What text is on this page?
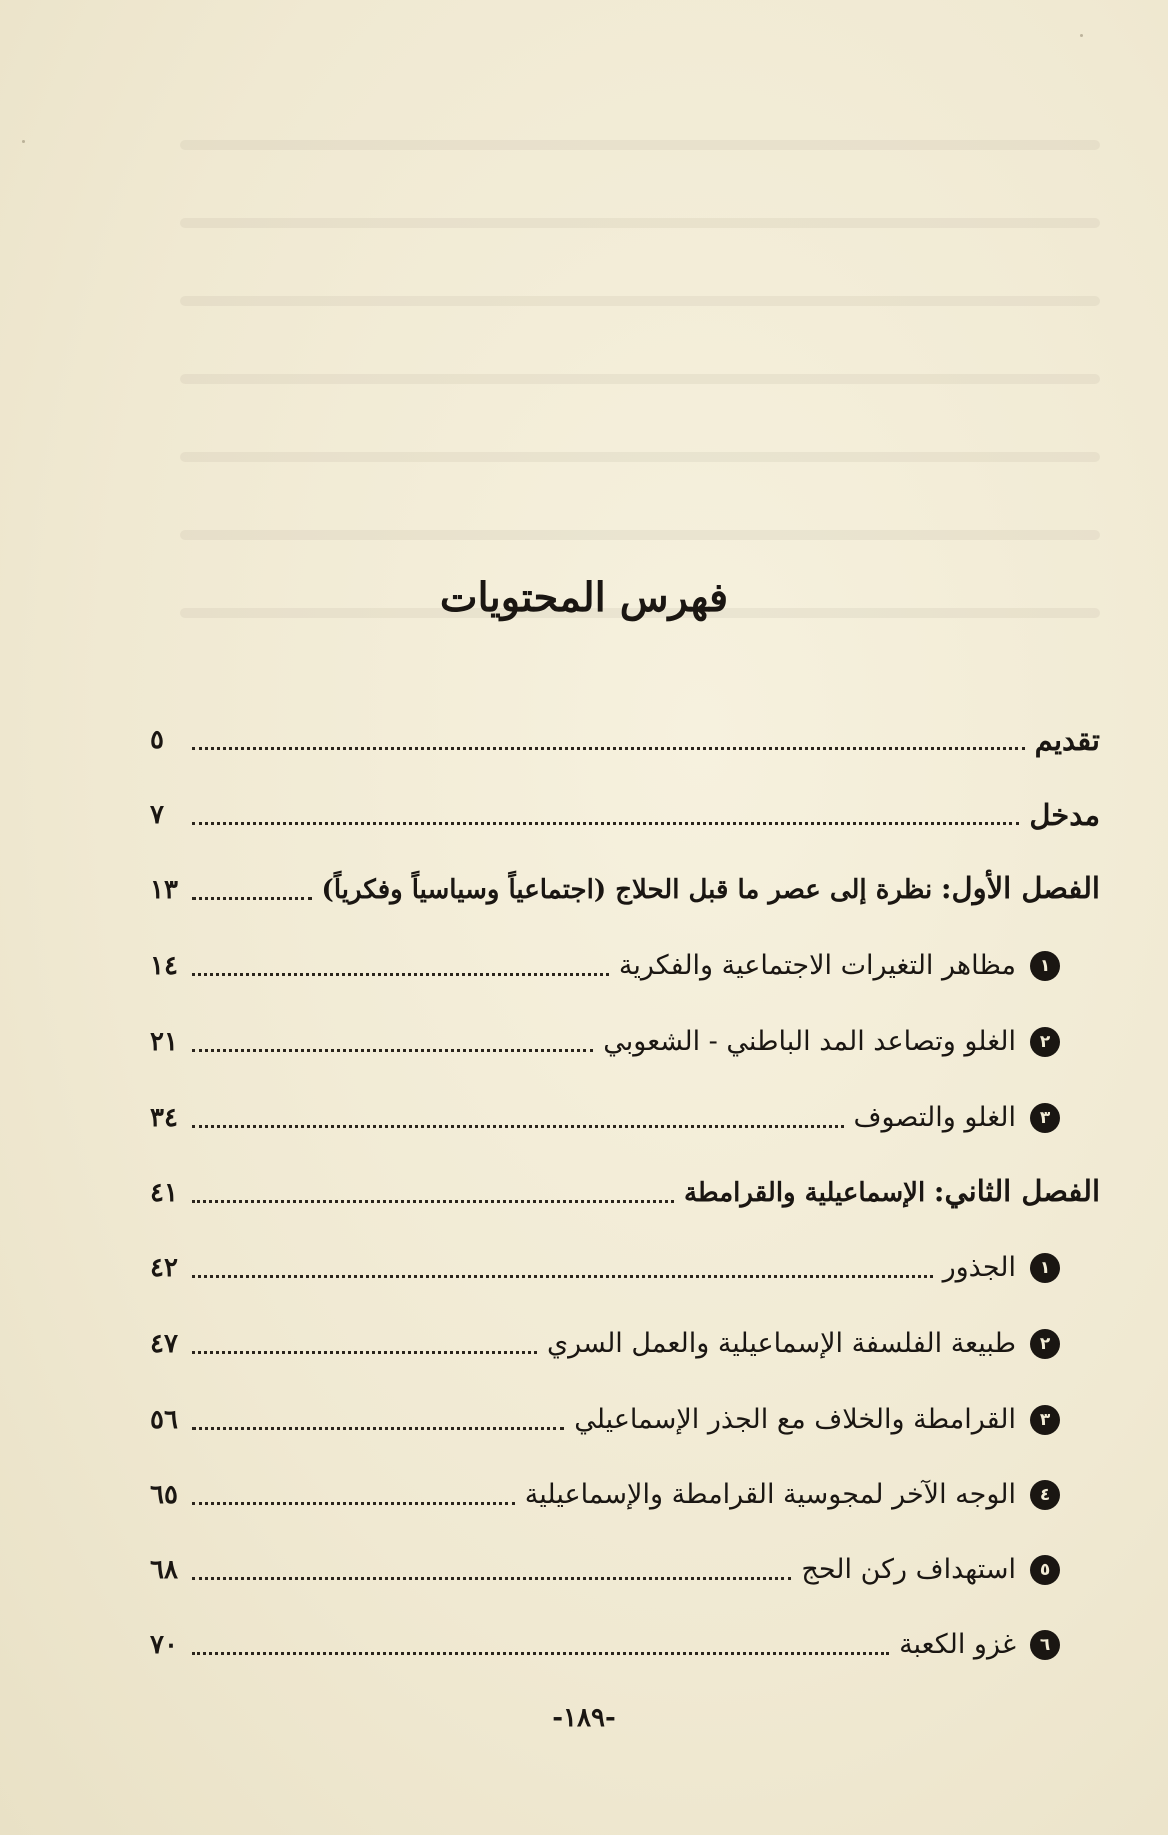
فهرس المحتويات
تقديم
٥
مدخل
٧
الفصل الأول: نظرة إلى عصر ما قبل الحلاج (اجتماعياً وسياسياً وفكرياً)
١٣
١
مظاهر التغيرات الاجتماعية والفكرية
١٤
٢
الغلو وتصاعد المد الباطني - الشعوبي
٢١
٣
الغلو والتصوف
٣٤
الفصل الثاني: الإسماعيلية والقرامطة
٤١
١
الجذور
٤٢
٢
طبيعة الفلسفة الإسماعيلية والعمل السري
٤٧
٣
القرامطة والخلاف مع الجذر الإسماعيلي
٥٦
٤
الوجه الآخر لمجوسية القرامطة والإسماعيلية
٦٥
٥
استهداف ركن الحج
٦٨
٦
غزو الكعبة
٧٠
-١٨٩-
